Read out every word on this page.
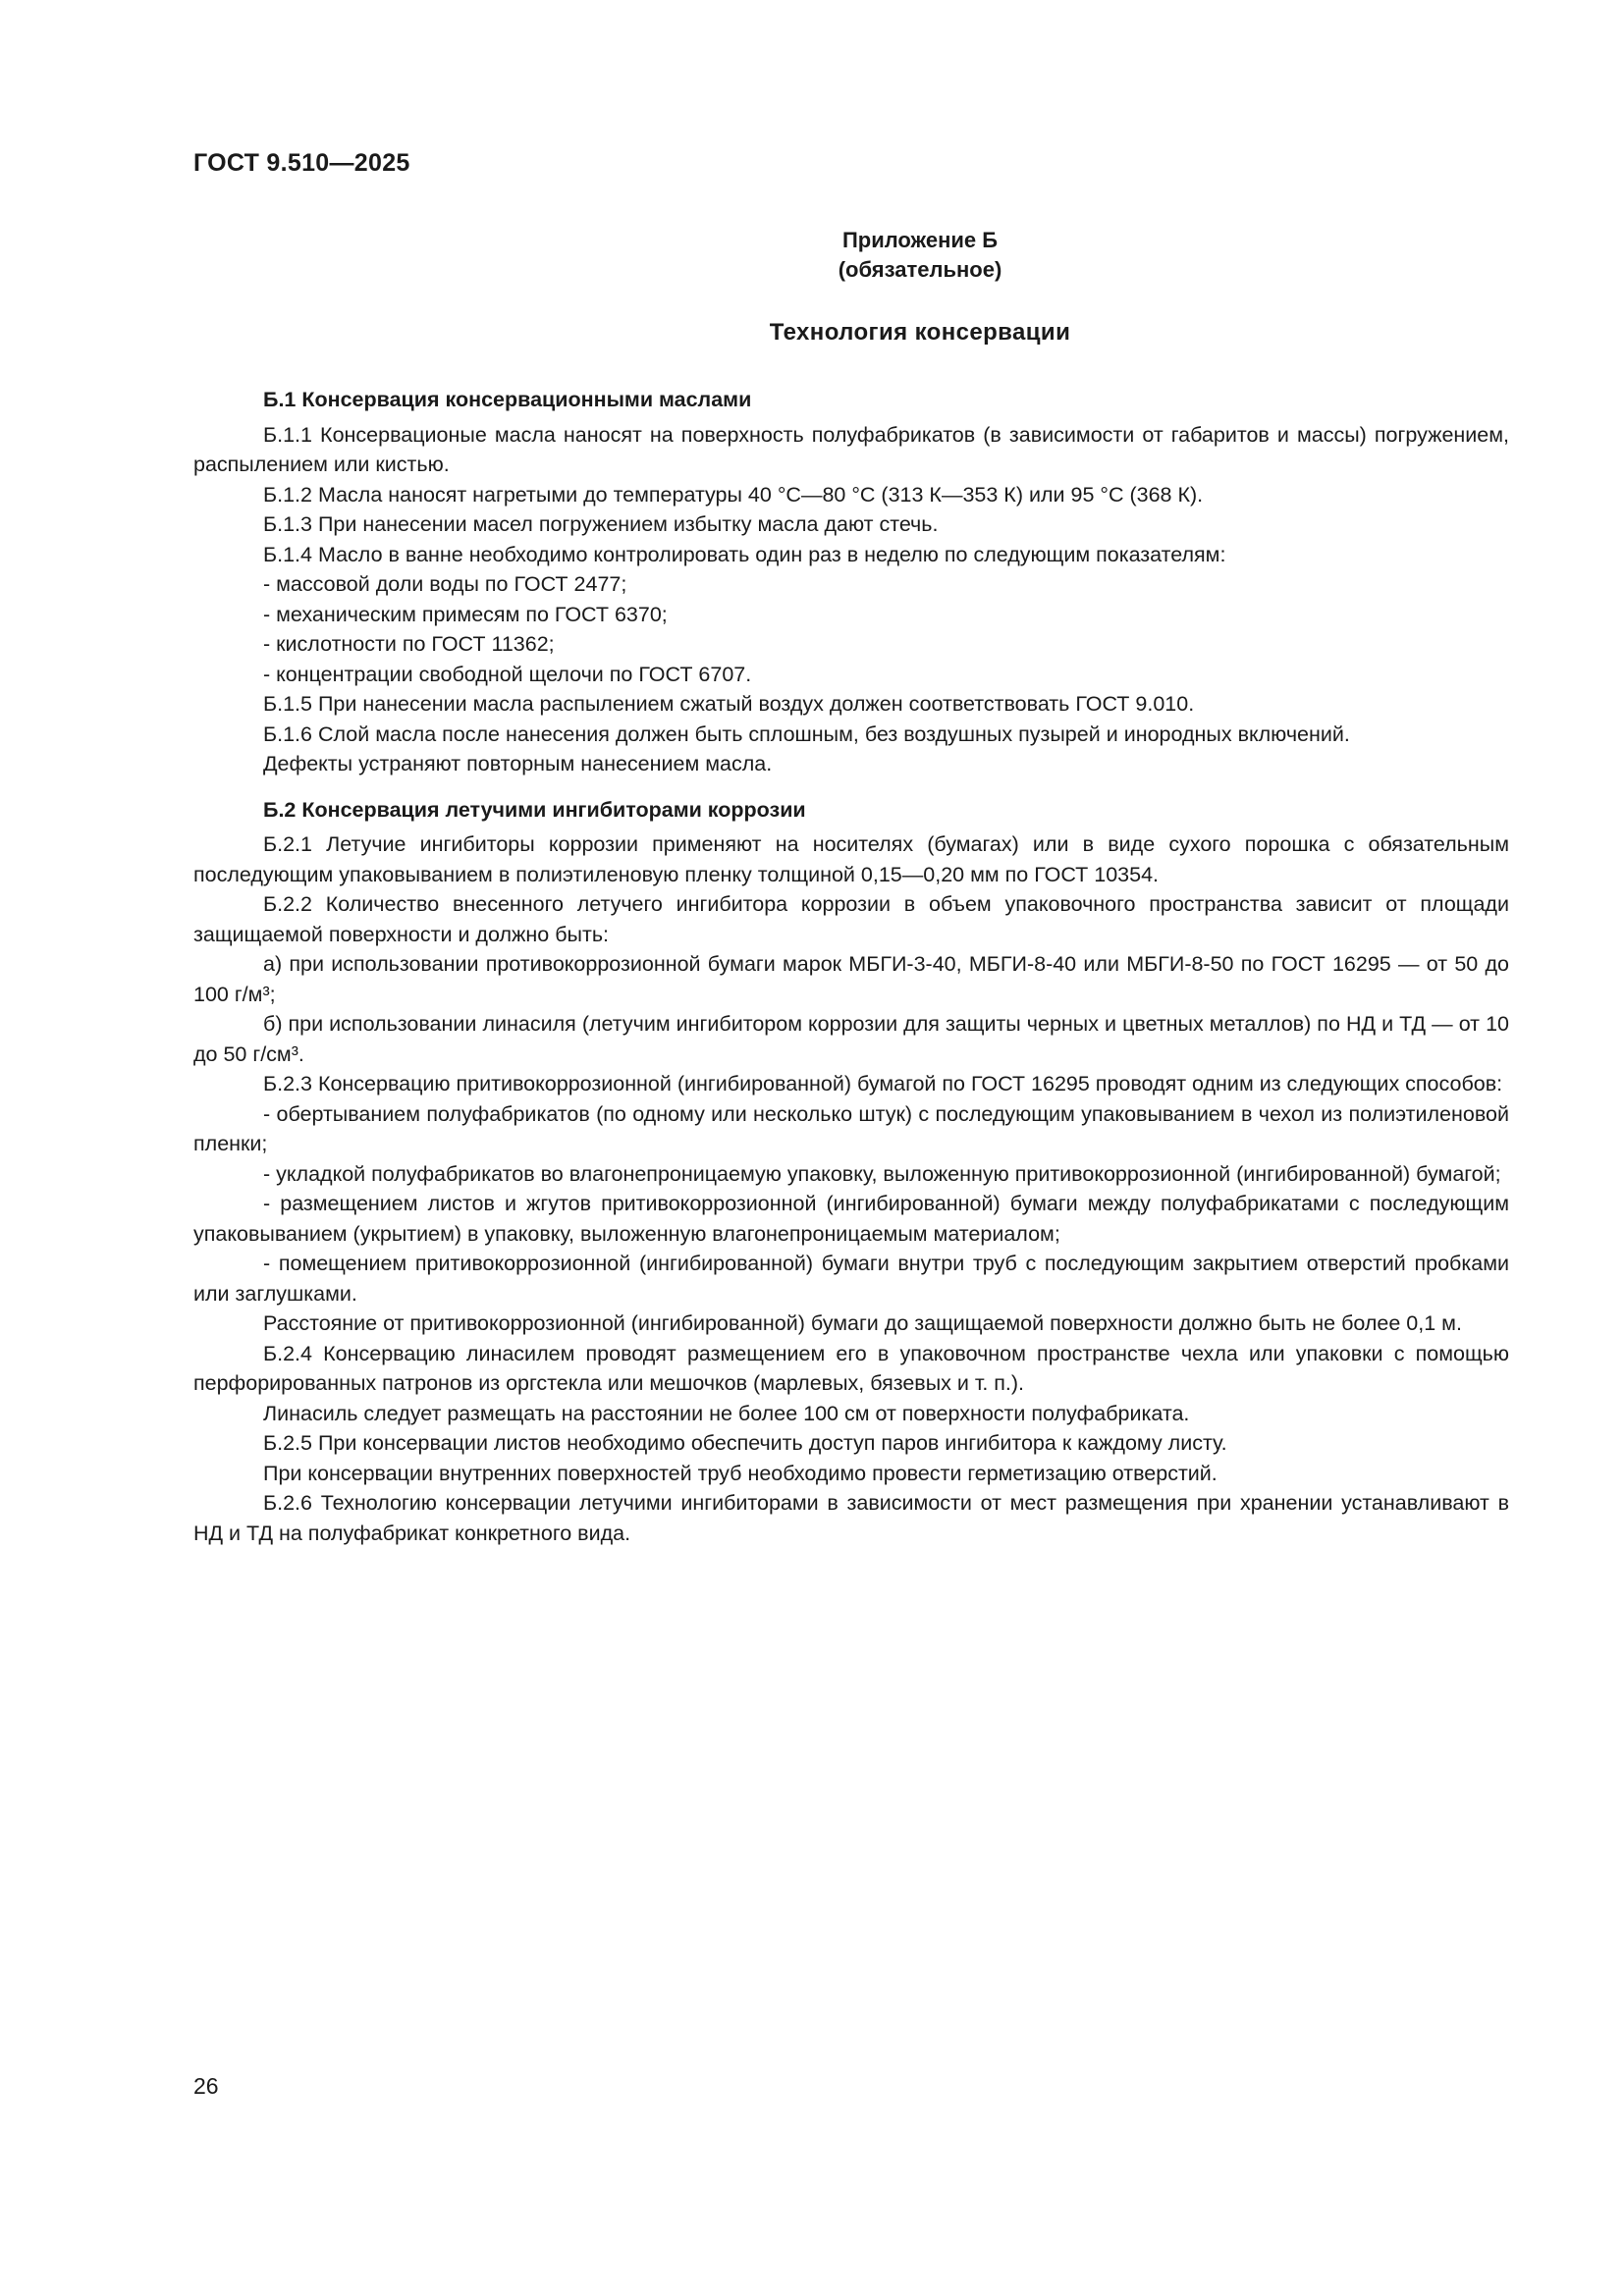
ГОСТ 9.510—2025
Приложение Б
(обязательное)
Технология консервации
Б.1 Консервация консервационными маслами

Б.1.1 Консервационые масла наносят на поверхность полуфабрикатов (в зависимости от габаритов и массы) погружением, распылением или кистью.

Б.1.2 Масла наносят нагретыми до температуры 40 °С—80 °С (313 К—353 К) или 95 °С (368 К).

Б.1.3 При нанесении масел погружением избытку масла дают стечь.

Б.1.4 Масло в ванне необходимо контролировать один раз в неделю по следующим показателям:

- массовой доли воды по ГОСТ 2477;

- механическим примесям по ГОСТ 6370;

- кислотности по ГОСТ 11362;

- концентрации свободной щелочи по ГОСТ 6707.

Б.1.5 При нанесении масла распылением сжатый воздух должен соответствовать ГОСТ 9.010.

Б.1.6 Слой масла после нанесения должен быть сплошным, без воздушных пузырей и инородных включений.

Дефекты устраняют повторным нанесением масла.

Б.2 Консервация летучими ингибиторами коррозии

Б.2.1 Летучие ингибиторы коррозии применяют на носителях (бумагах) или в виде сухого порошка с обязательным последующим упаковыванием в полиэтиленовую пленку толщиной 0,15—0,20 мм по ГОСТ 10354.

Б.2.2 Количество внесенного летучего ингибитора коррозии в объем упаковочного пространства зависит от площади защищаемой поверхности и должно быть:

а) при использовании противокоррозионной бумаги марок МБГИ-3-40, МБГИ-8-40 или МБГИ-8-50 по ГОСТ 16295 — от 50 до 100 г/м³;

б) при использовании линасиля (летучим ингибитором коррозии для защиты черных и цветных металлов) по НД и ТД — от 10 до 50 г/см³.

Б.2.3 Консервацию притивокоррозионной (ингибированной) бумагой по ГОСТ 16295 проводят одним из следующих способов:

- обертыванием полуфабрикатов (по одному или несколько штук) с последующим упаковыванием в чехол из полиэтиленовой пленки;

- укладкой полуфабрикатов во влагонепроницаемую упаковку, выложенную притивокоррозионной (ингибированной) бумагой;

- размещением листов и жгутов притивокоррозионной (ингибированной) бумаги между полуфабрикатами с последующим упаковыванием (укрытием) в упаковку, выложенную влагонепроницаемым материалом;

- помещением притивокоррозионной (ингибированной) бумаги внутри труб с последующим закрытием отверстий пробками или заглушками.

Расстояние от притивокоррозионной (ингибированной) бумаги до защищаемой поверхности должно быть не более 0,1 м.

Б.2.4 Консервацию линасилем проводят размещением его в упаковочном пространстве чехла или упаковки с помощью перфорированных патронов из оргстекла или мешочков (марлевых, бязевых и т. п.).

Линасиль следует размещать на расстоянии не более 100 см от поверхности полуфабриката.

Б.2.5 При консервации листов необходимо обеспечить доступ паров ингибитора к каждому листу.

При консервации внутренних поверхностей труб необходимо провести герметизацию отверстий.

Б.2.6 Технологию консервации летучими ингибиторами в зависимости от мест размещения при хранении устанавливают в НД и ТД на полуфабрикат конкретного вида.

26
